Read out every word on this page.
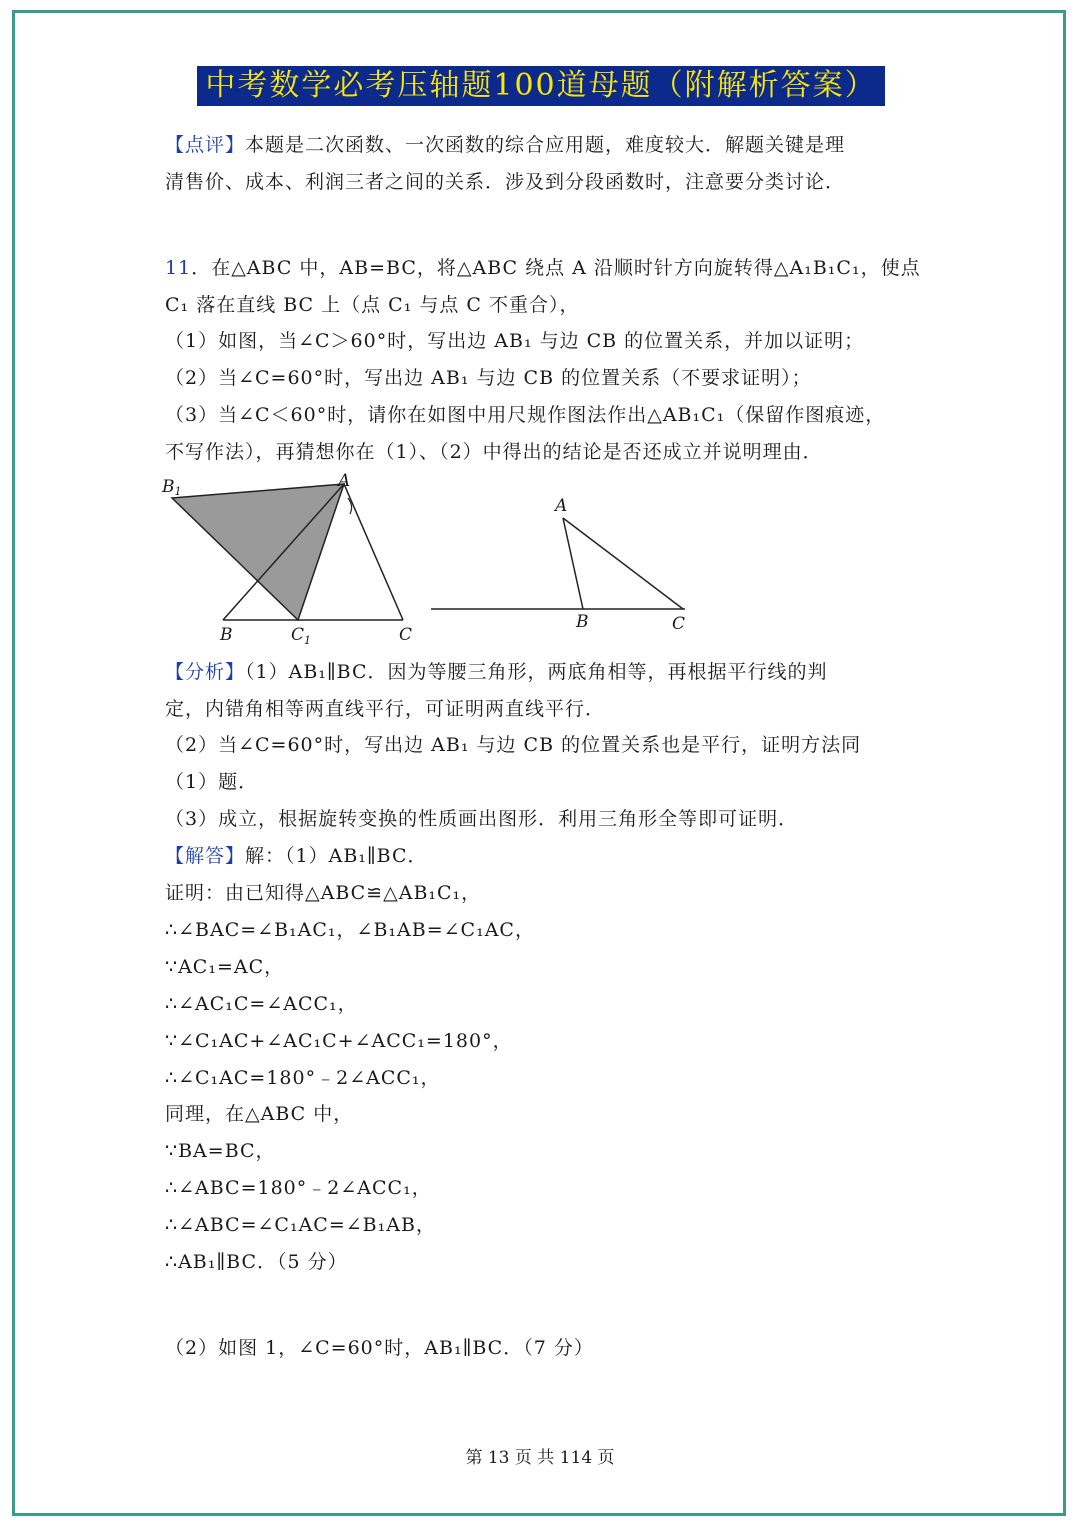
中考数学必考压轴题100道母题（附解析答案）
【点评】本题是二次函数、一次函数的综合应用题，难度较大．解题关键是理
清售价、成本、利润三者之间的关系．涉及到分段函数时，注意要分类讨论．
11．在△ABC 中，AB=BC，将△ABC 绕点 A 沿顺时针方向旋转得△A₁B₁C₁，使点
C₁ 落在直线 BC 上（点 C₁ 与点 C 不重合），
（1）如图，当∠C＞60°时，写出边 AB₁ 与边 CB 的位置关系，并加以证明；
（2）当∠C=60°时，写出边 AB₁ 与边 CB 的位置关系（不要求证明）；
（3）当∠C＜60°时，请你在如图中用尺规作图法作出△AB₁C₁（保留作图痕迹，
不写作法），再猜想你在（1）、（2）中得出的结论是否还成立并说明理由．
B1
A
B	$C_1$	C
A
B	C
【分析】（1）AB₁∥BC．因为等腰三角形，两底角相等，再根据平行线的判
定，内错角相等两直线平行，可证明两直线平行．
（2）当∠C=60°时，写出边 AB₁ 与边 CB 的位置关系也是平行，证明方法同
（1）题．
（3）成立，根据旋转变换的性质画出图形．利用三角形全等即可证明．
【解答】解：（1）AB₁∥BC．
证明：由已知得△ABC≌△AB₁C₁，
∴∠BAC=∠B₁AC₁，∠B₁AB=∠C₁AC，
∵AC₁=AC，
∴∠AC₁C=∠ACC₁，
∵∠C₁AC+∠AC₁C+∠ACC₁=180°，
∴∠C₁AC=180°﹣2∠ACC₁，
同理，在△ABC 中，
∵BA=BC，
∴∠ABC=180°﹣2∠ACC₁，
∴∠ABC=∠C₁AC=∠B₁AB，
∴AB₁∥BC．（5 分）
（2）如图 1，∠C=60°时，AB₁∥BC．（7 分）
第 13 页 共 114 页
